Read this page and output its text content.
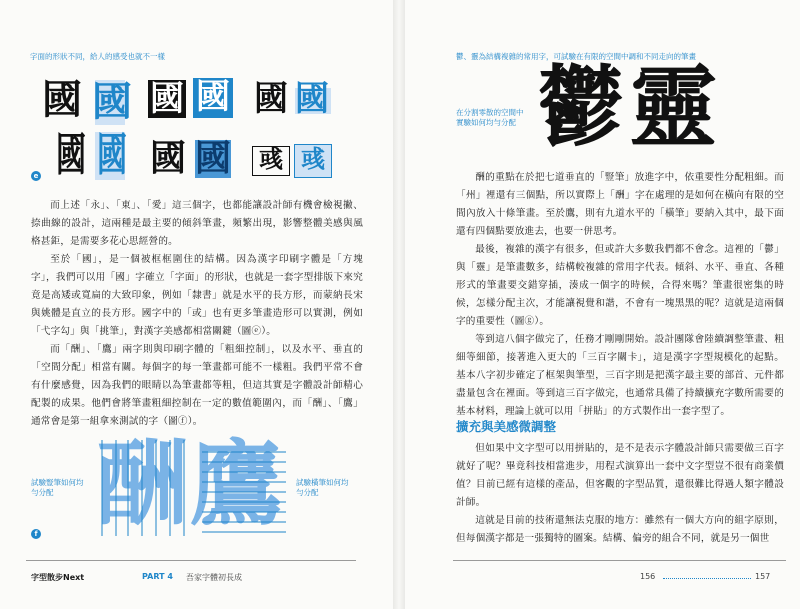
字面的形狀不同，給人的感受也就不一樣
國 國 國 國 國 國
國 國 國 國 彧 彧
e

而上述「永」、「東」、「愛」這三個字，也都能讓設計師有機會檢視撇、捺曲線的設計，這兩種是最主要的傾斜筆畫，頻繁出現，影響整體美感與風格甚鉅，是需要多花心思經營的。

至於「國」，是一個被框框圍住的結構。因為漢字印刷字體是「方塊字」，我們可以用「國」字確立「字面」的形狀，也就是一套字型排版下來究竟是高矮或寬扁的大致印象，例如「隸書」就是水平的長方形，而蒙納長宋與姚體是直立的長方形。國字中的「或」也有更多筆畫造形可以實測，例如「弋字勾」與「挑筆」，對漢字美感都相當關鍵（圖ⓔ）。

而「酬」、「鷹」兩字則與印刷字體的「粗細控制」，以及水平、垂直的「空間分配」相當有關。每個字的每一筆畫都可能不一樣粗。我們平常不會有什麼感覺，因為我們的眼睛以為筆畫都等粗，但這其實是字體設計師精心配製的成果。他們會將筆畫粗細控制在一定的數值範圍內，而「酬」、「鷹」通常會是第一組拿來測試的字（圖ⓕ）。

酬 鷹
試驗豎筆如何均勻分配
試驗橫筆如何均勻分配
f
字型散步Next	PART 4 吾家字體初長成
鬱、靈為結構複雜的常用字，可試驗在有限的空間中調和不同走向的筆畫
鬱 靈
在分割零散的空間中實驗如何均勻分配

酬的重點在於把七道垂直的「豎筆」放進字中，依重要性分配粗細。而「州」裡還有三個點，所以實際上「酬」字在處理的是如何在橫向有限的空間內放入十條筆畫。至於鷹，則有九道水平的「橫筆」要納入其中，最下面還有四個點要放進去，也要一併思考。

最後，複雜的漢字有很多，但或許大多數我們都不會念。這裡的「鬱」與「靈」是筆畫數多，結構較複雜的常用字代表。傾斜、水平、垂直、各種形式的筆畫要交錯穿插，湊成一個字的時候，合得來嗎？筆畫很密集的時候，怎樣分配主次，才能讓視覺和諧，不會有一塊黑黑的呢？這就是這兩個字的重要性（圖ⓖ）。

等到這八個字做完了，任務才剛剛開始。設計團隊會陸續調整筆畫、粗細等細節，接著進入更大的「三百字關卡」，這是漢字字型規模化的起點。基本八字初步確定了框架與筆型，三百字則是把漢字最主要的部首、元件都盡量包含在裡面。等到這三百字做完，也通常具備了持續擴充字數所需要的基本材料，理論上就可以用「拼貼」的方式製作出一套字型了。

擴充與美感微調整

但如果中文字型可以用拼貼的，是不是表示字體設計師只需要做三百字就好了呢？畢竟科技相當進步，用程式演算出一套中文字型豈不很有商業價值？目前已經有這樣的產品，但客觀的字型品質，還很難比得過人類字體設計師。

這就是目前的技術還無法克服的地方：雖然有一個大方向的組字原則，但每個漢字都是一張獨特的圖案。結構、偏旁的組合不同，就是另一個世

156	157
